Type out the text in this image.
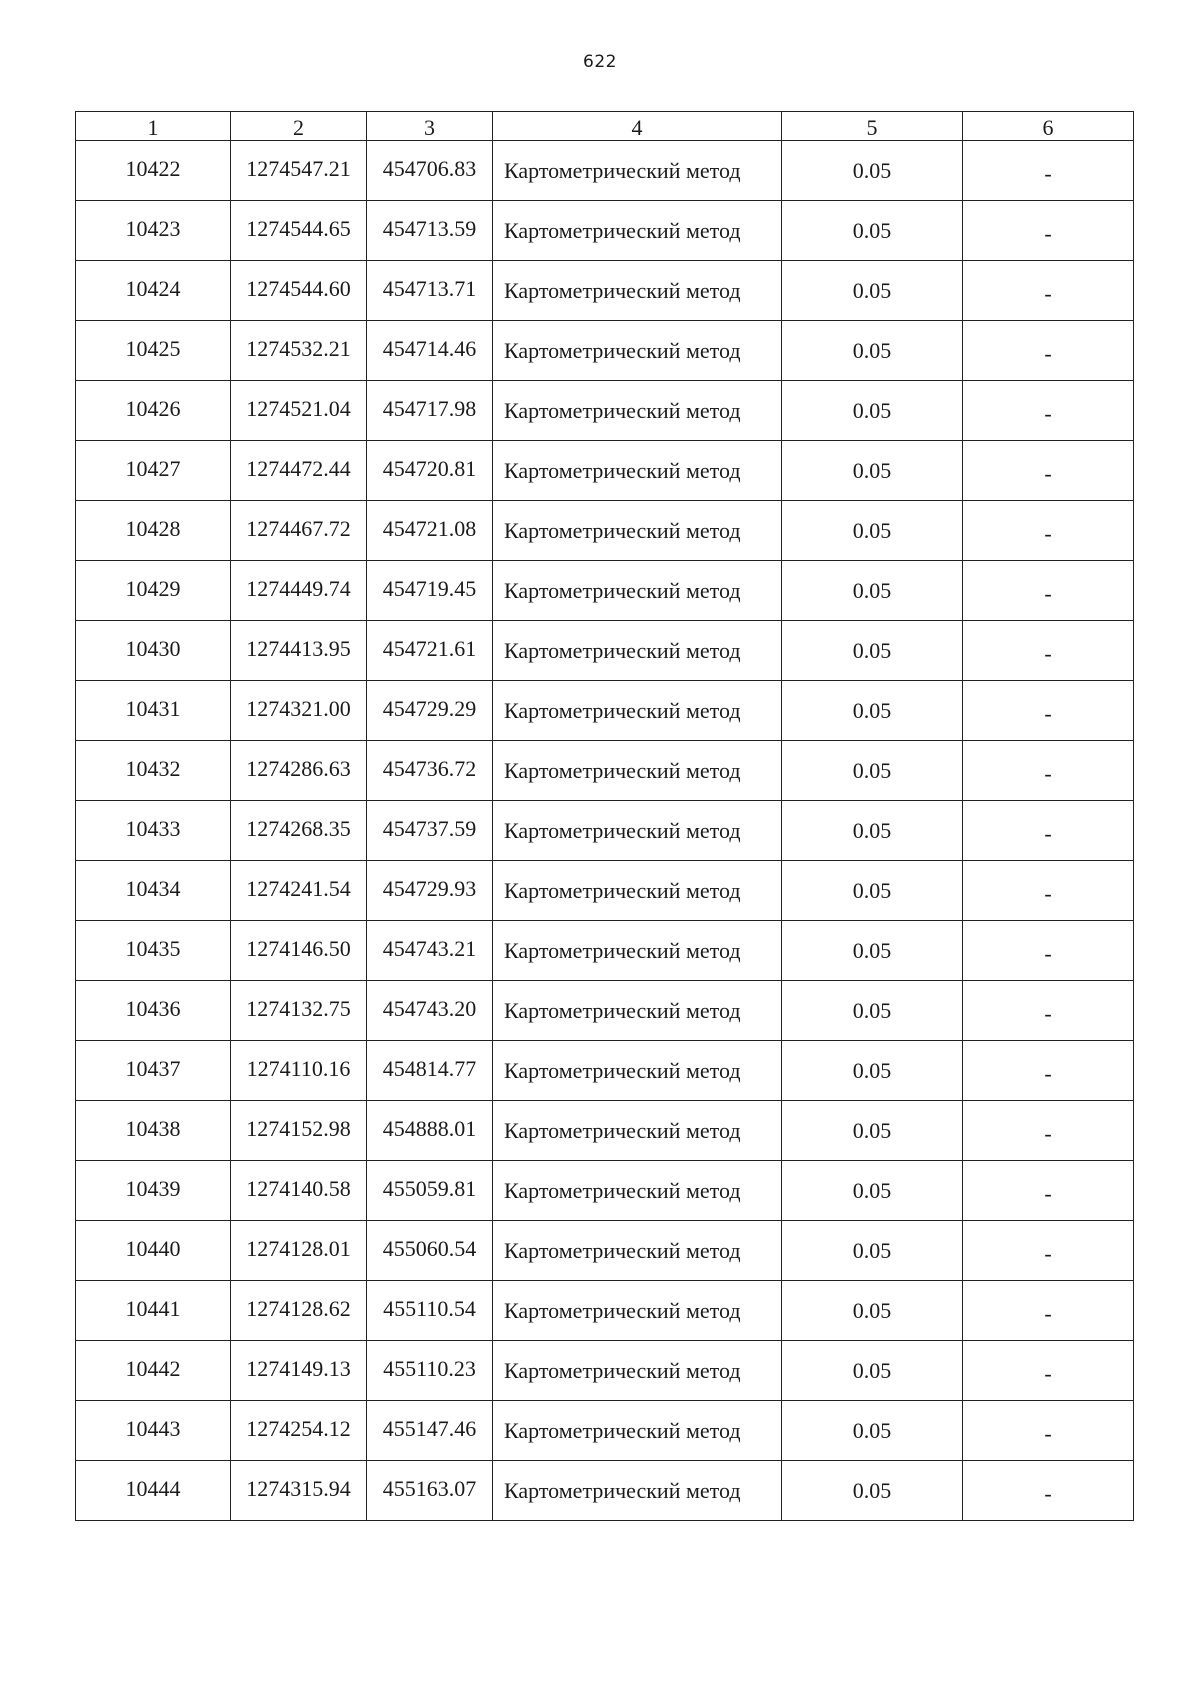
622
1	2	3	4	5	6
10422	1274547.21	454706.83	Картометрический метод	0.05	-
10423	1274544.65	454713.59	Картометрический метод	0.05	-
10424	1274544.60	454713.71	Картометрический метод	0.05	-
10425	1274532.21	454714.46	Картометрический метод	0.05	-
10426	1274521.04	454717.98	Картометрический метод	0.05	-
10427	1274472.44	454720.81	Картометрический метод	0.05	-
10428	1274467.72	454721.08	Картометрический метод	0.05	-
10429	1274449.74	454719.45	Картометрический метод	0.05	-
10430	1274413.95	454721.61	Картометрический метод	0.05	-
10431	1274321.00	454729.29	Картометрический метод	0.05	-
10432	1274286.63	454736.72	Картометрический метод	0.05	-
10433	1274268.35	454737.59	Картометрический метод	0.05	-
10434	1274241.54	454729.93	Картометрический метод	0.05	-
10435	1274146.50	454743.21	Картометрический метод	0.05	-
10436	1274132.75	454743.20	Картометрический метод	0.05	-
10437	1274110.16	454814.77	Картометрический метод	0.05	-
10438	1274152.98	454888.01	Картометрический метод	0.05	-
10439	1274140.58	455059.81	Картометрический метод	0.05	-
10440	1274128.01	455060.54	Картометрический метод	0.05	-
10441	1274128.62	455110.54	Картометрический метод	0.05	-
10442	1274149.13	455110.23	Картометрический метод	0.05	-
10443	1274254.12	455147.46	Картометрический метод	0.05	-
10444	1274315.94	455163.07	Картометрический метод	0.05	-
